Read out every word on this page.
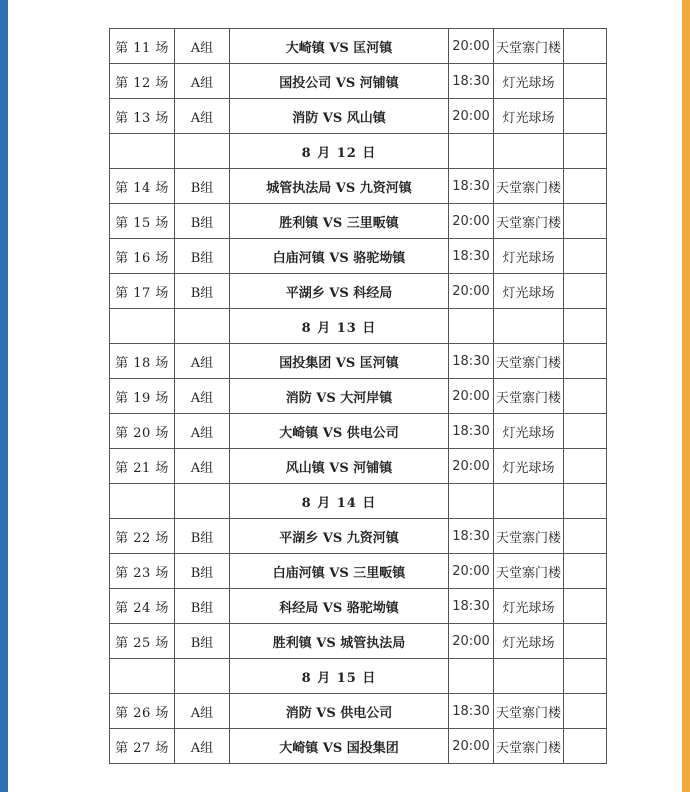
第 11 场	A组	大崎镇 VS 匡河镇	20:00	天堂寨门楼	
第 12 场	A组	国投公司 VS 河铺镇	18:30	灯光球场	
第 13 场	A组	消防 VS 风山镇	20:00	灯光球场	
		8 月 12 日			
第 14 场	B组	城管执法局 VS 九资河镇	18:30	天堂寨门楼	
第 15 场	B组	胜利镇 VS 三里畈镇	20:00	天堂寨门楼	
第 16 场	B组	白庙河镇 VS 骆驼坳镇	18:30	灯光球场	
第 17 场	B组	平湖乡 VS 科经局	20:00	灯光球场	
		8 月 13 日			
第 18 场	A组	国投集团 VS 匡河镇	18:30	天堂寨门楼	
第 19 场	A组	消防 VS 大河岸镇	20:00	天堂寨门楼	
第 20 场	A组	大崎镇 VS 供电公司	18:30	灯光球场	
第 21 场	A组	风山镇 VS 河铺镇	20:00	灯光球场	
		8 月 14 日			
第 22 场	B组	平湖乡 VS 九资河镇	18:30	天堂寨门楼	
第 23 场	B组	白庙河镇 VS 三里畈镇	20:00	天堂寨门楼	
第 24 场	B组	科经局 VS 骆驼坳镇	18:30	灯光球场	
第 25 场	B组	胜利镇 VS 城管执法局	20:00	灯光球场	
		8 月 15 日			
第 26 场	A组	消防 VS 供电公司	18:30	天堂寨门楼	
第 27 场	A组	大崎镇 VS 国投集团	20:00	天堂寨门楼	
